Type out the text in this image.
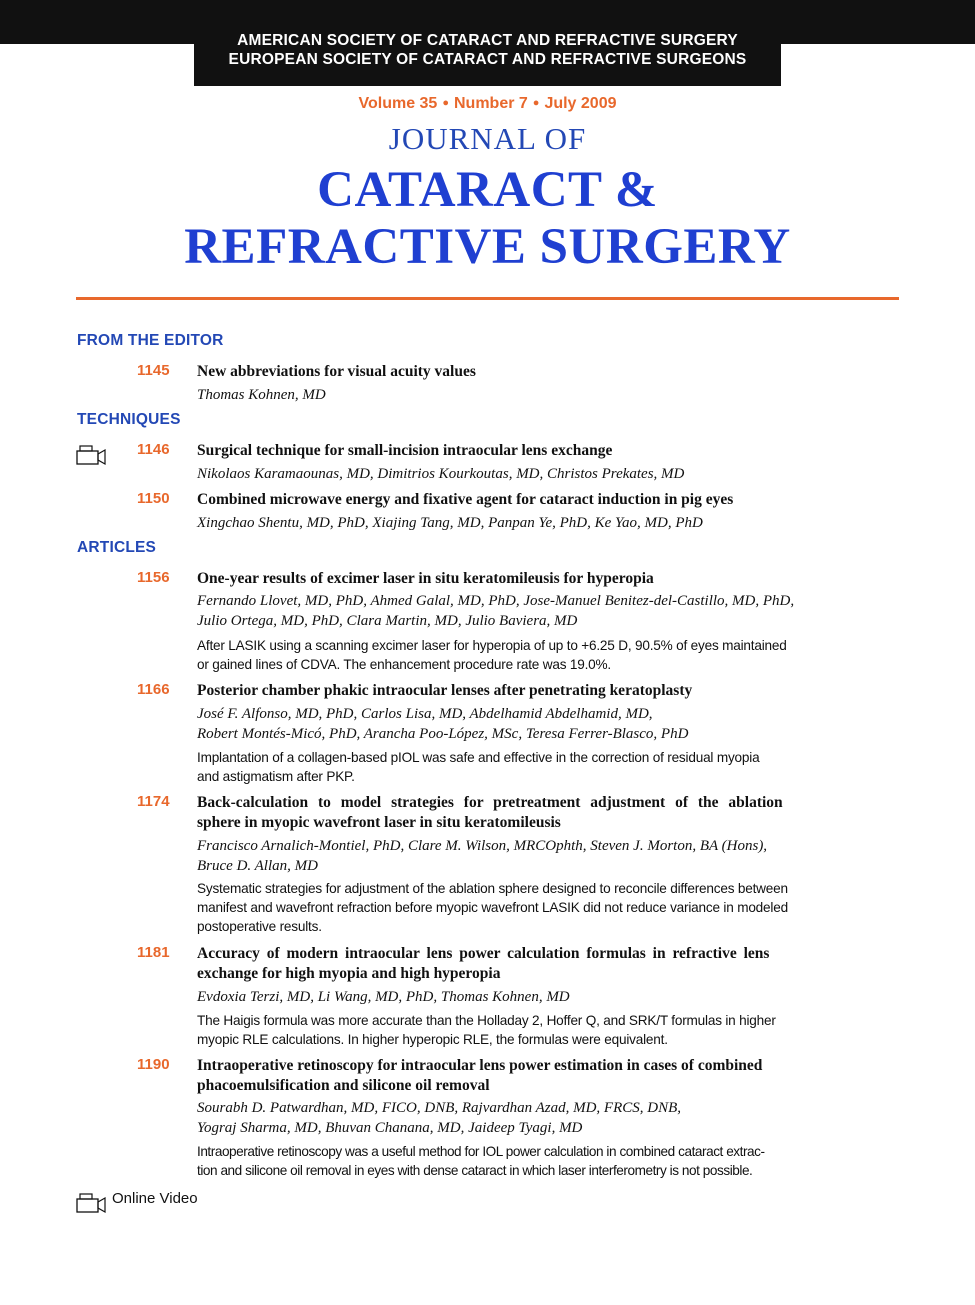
AMERICAN SOCIETY OF CATARACT AND REFRACTIVE SURGERY
EUROPEAN SOCIETY OF CATARACT AND REFRACTIVE SURGEONS
Volume 35 ● Number 7 ● July 2009
JOURNAL OF
CATARACT &
REFRACTIVE SURGERY
FROM THE EDITOR
TECHNIQUES
ARTICLES
1145 New abbreviations for visual acuity values
Thomas Kohnen, MD
1146 Surgical technique for small-incision intraocular lens exchange
Nikolaos Karamaounas, MD, Dimitrios Kourkoutas, MD, Christos Prekates, MD
1150 Combined microwave energy and fixative agent for cataract induction in pig eyes
Xingchao Shentu, MD, PhD, Xiajing Tang, MD, Panpan Ye, PhD, Ke Yao, MD, PhD
1156 One-year results of excimer laser in situ keratomileusis for hyperopia
Fernando Llovet, MD, PhD, Ahmed Galal, MD, PhD, Jose-Manuel Benitez-del-Castillo, MD, PhD,
Julio Ortega, MD, PhD, Clara Martin, MD, Julio Baviera, MD
After LASIK using a scanning excimer laser for hyperopia of up to +6.25 D, 90.5% of eyes maintained
or gained lines of CDVA. The enhancement procedure rate was 19.0%.
1166 Posterior chamber phakic intraocular lenses after penetrating keratoplasty
José F. Alfonso, MD, PhD, Carlos Lisa, MD, Abdelhamid Abdelhamid, MD,
Robert Montés-Micó, PhD, Arancha Poo-López, MSc, Teresa Ferrer-Blasco, PhD
Implantation of a collagen-based pIOL was safe and effective in the correction of residual myopia
and astigmatism after PKP.
1174 Back-calculation to model strategies for pretreatment adjustment of the ablation
sphere in myopic wavefront laser in situ keratomileusis
Francisco Arnalich-Montiel, PhD, Clare M. Wilson, MRCOphth, Steven J. Morton, BA (Hons),
Bruce D. Allan, MD
Systematic strategies for adjustment of the ablation sphere designed to reconcile differences between
manifest and wavefront refraction before myopic wavefront LASIK did not reduce variance in modeled
postoperative results.
1181 Accuracy of modern intraocular lens power calculation formulas in refractive lens
exchange for high myopia and high hyperopia
Evdoxia Terzi, MD, Li Wang, MD, PhD, Thomas Kohnen, MD
The Haigis formula was more accurate than the Holladay 2, Hoffer Q, and SRK/T formulas in higher
myopic RLE calculations. In higher hyperopic RLE, the formulas were equivalent.
1190 Intraoperative retinoscopy for intraocular lens power estimation in cases of combined
phacoemulsification and silicone oil removal
Sourabh D. Patwardhan, MD, FICO, DNB, Rajvardhan Azad, MD, FRCS, DNB,
Yograj Sharma, MD, Bhuvan Chanana, MD, Jaideep Tyagi, MD
Intraoperative retinoscopy was a useful method for IOL power calculation in combined cataract extrac-
tion and silicone oil removal in eyes with dense cataract in which laser interferometry is not possible.
Online Video
